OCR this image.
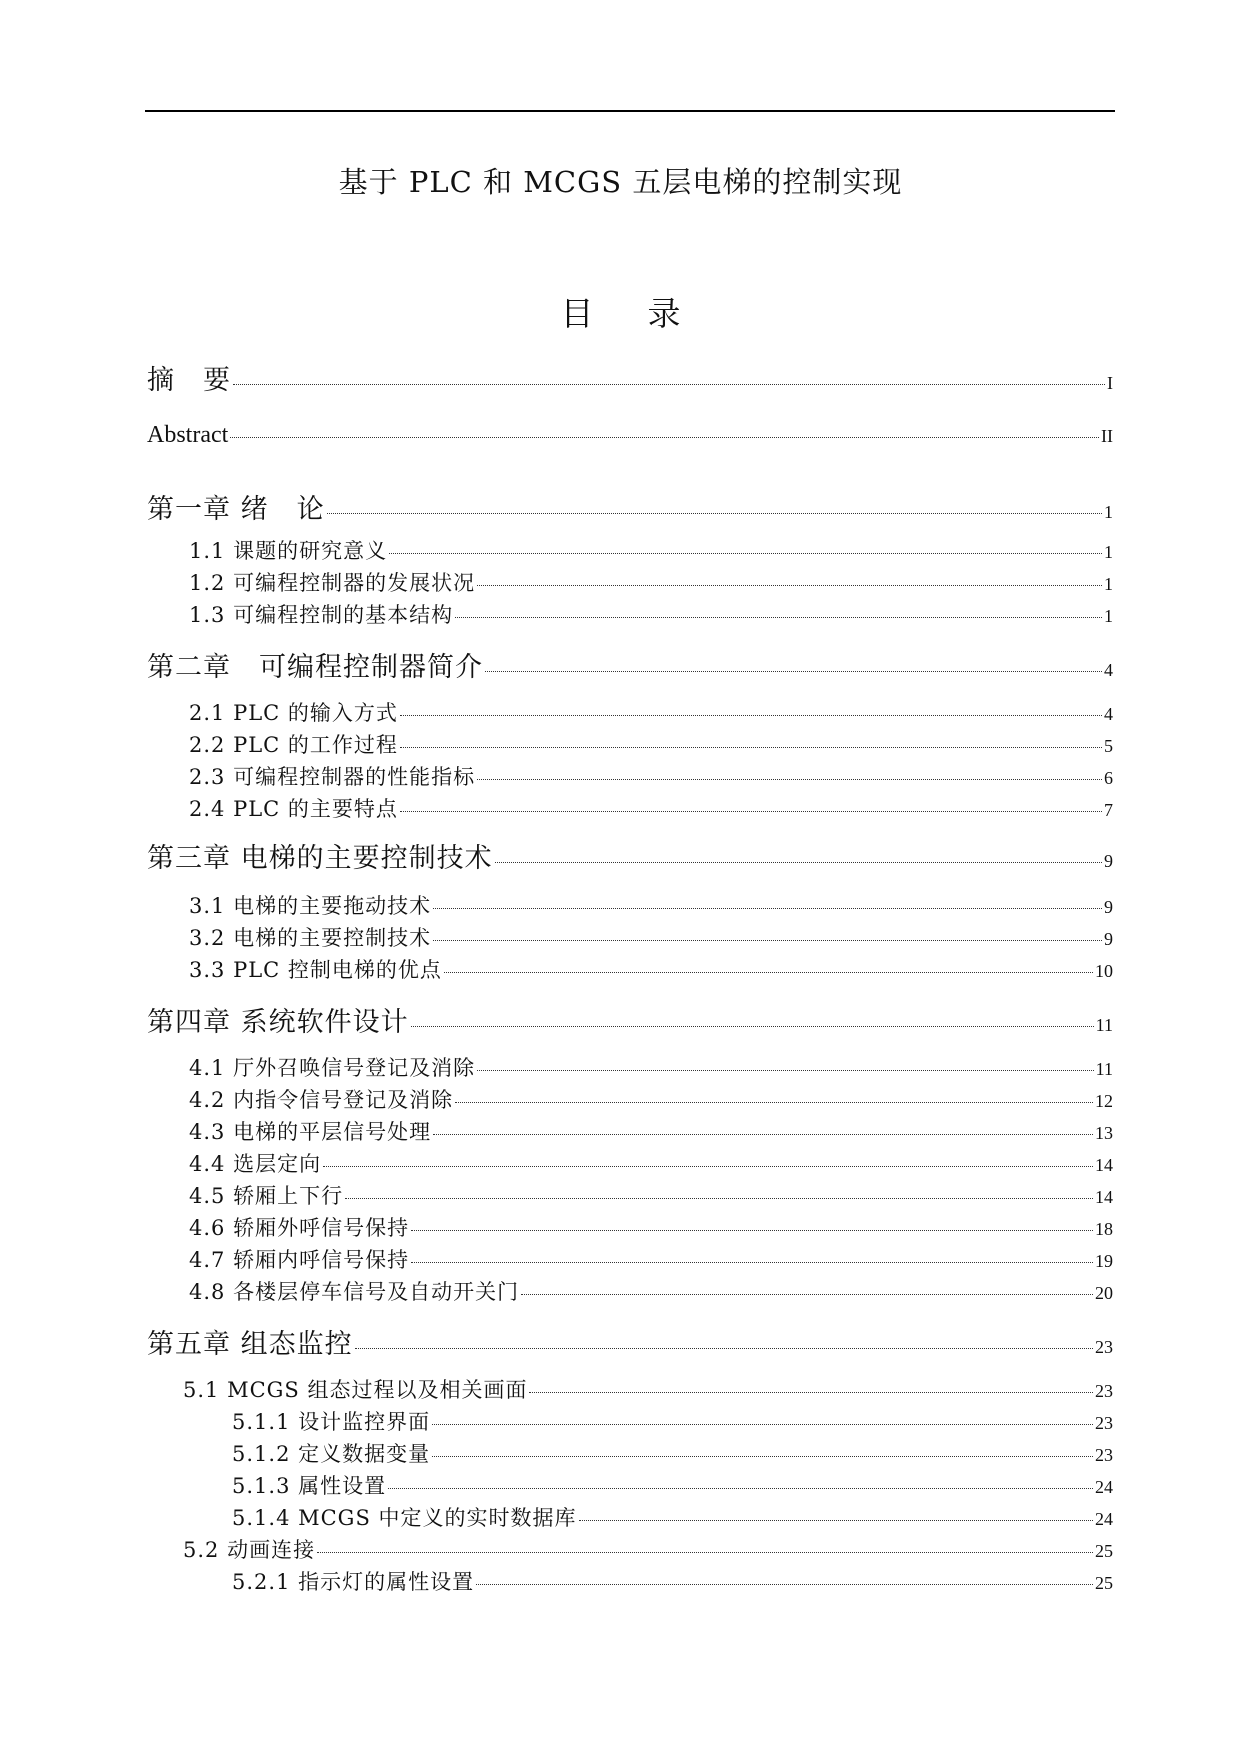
基于 PLC 和 MCGS 五层电梯的控制实现
目 录
摘　要	I
Abstract	II
第一章 绪　论	1
1.1 课题的研究意义	1
1.2 可编程控制器的发展状况	1
1.3 可编程控制的基本结构	1
第二章　可编程控制器简介	4
2.1 PLC 的输入方式	4
2.2 PLC 的工作过程	5
2.3 可编程控制器的性能指标	6
2.4 PLC 的主要特点	7
第三章 电梯的主要控制技术	9
3.1 电梯的主要拖动技术	9
3.2 电梯的主要控制技术	9
3.3 PLC 控制电梯的优点	10
第四章 系统软件设计	11
4.1 厅外召唤信号登记及消除	11
4.2 内指令信号登记及消除	12
4.3 电梯的平层信号处理	13
4.4 选层定向	14
4.5 轿厢上下行	14
4.6 轿厢外呼信号保持	18
4.7 轿厢内呼信号保持	19
4.8 各楼层停车信号及自动开关门	20
第五章 组态监控	23
5.1 MCGS 组态过程以及相关画面	23
5.1.1 设计监控界面	23
5.1.2 定义数据变量	23
5.1.3 属性设置	24
5.1.4 MCGS 中定义的实时数据库	24
5.2 动画连接	25
5.2.1 指示灯的属性设置	25
